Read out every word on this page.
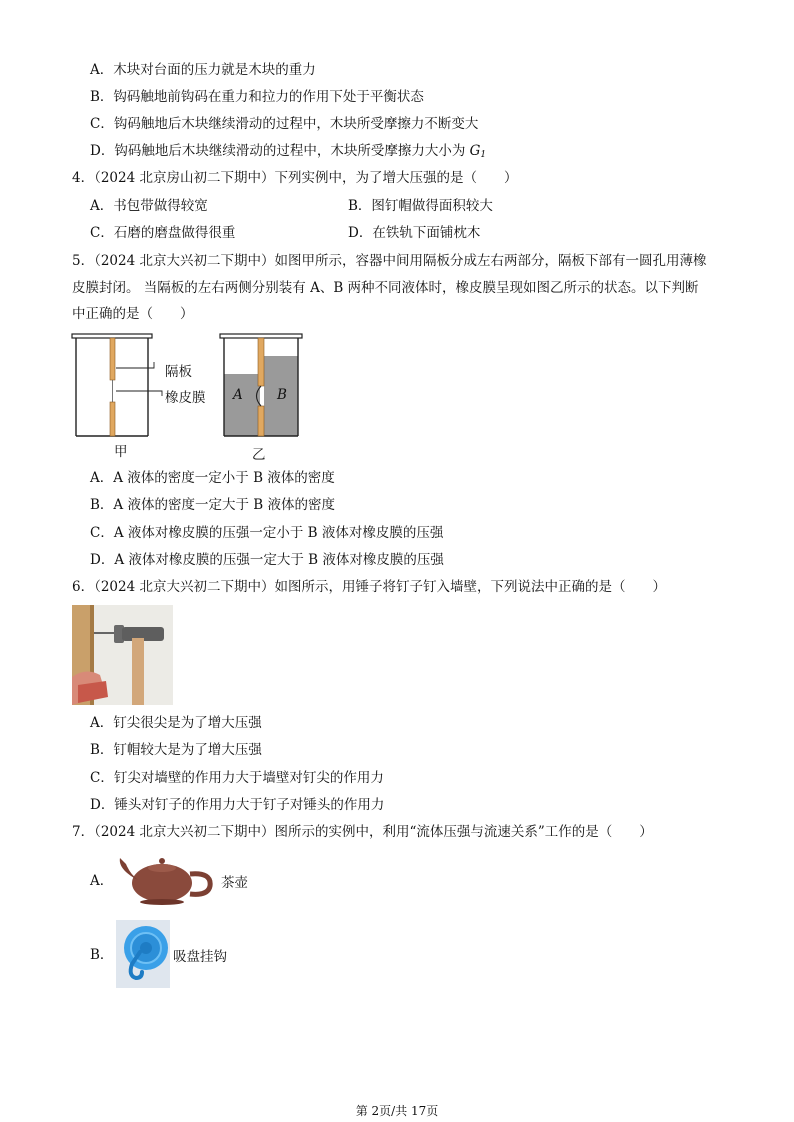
A．木块对台面的压力就是木块的重力
B．钩码触地前钩码在重力和拉力的作用下处于平衡状态
C．钩码触地后木块继续滑动的过程中，木块所受摩擦力不断变大
D．钩码触地后木块继续滑动的过程中，木块所受摩擦力大小为 $G_1$
4．（2024 北京房山初二下期中）下列实例中，为了增大压强的是（　　）
A．书包带做得较宽	B．图钉帽做得面积较大
C．石磨的磨盘做得很重	D．在铁轨下面铺枕木
5．（2024 北京大兴初二下期中）如图甲所示，容器中间用隔板分成左右两部分，隔板下部有一圆孔用薄橡
皮膜封闭。 当隔板的左右两侧分别装有 A、B 两种不同液体时，橡皮膜呈现如图乙所示的状态。以下判断
中正确的是（　　）
隔板
橡皮膜
甲
A	B
乙
A．A 液体的密度一定小于 B 液体的密度
B．A 液体的密度一定大于 B 液体的密度
C．A 液体对橡皮膜的压强一定小于 B 液体对橡皮膜的压强
D．A 液体对橡皮膜的压强一定大于 B 液体对橡皮膜的压强
6．（2024 北京大兴初二下期中）如图所示，用锤子将钉子钉入墙壁，下列说法中正确的是（　　）
A．钉尖很尖是为了增大压强
B．钉帽较大是为了增大压强
C．钉尖对墙壁的作用力大于墙壁对钉尖的作用力
D．锤头对钉子的作用力大于钉子对锤头的作用力
7．（2024 北京大兴初二下期中）图所示的实例中，利用“流体压强与流速关系”工作的是（　　）
A．	茶壶
B．	吸盘挂钩
第 2页/共 17页
